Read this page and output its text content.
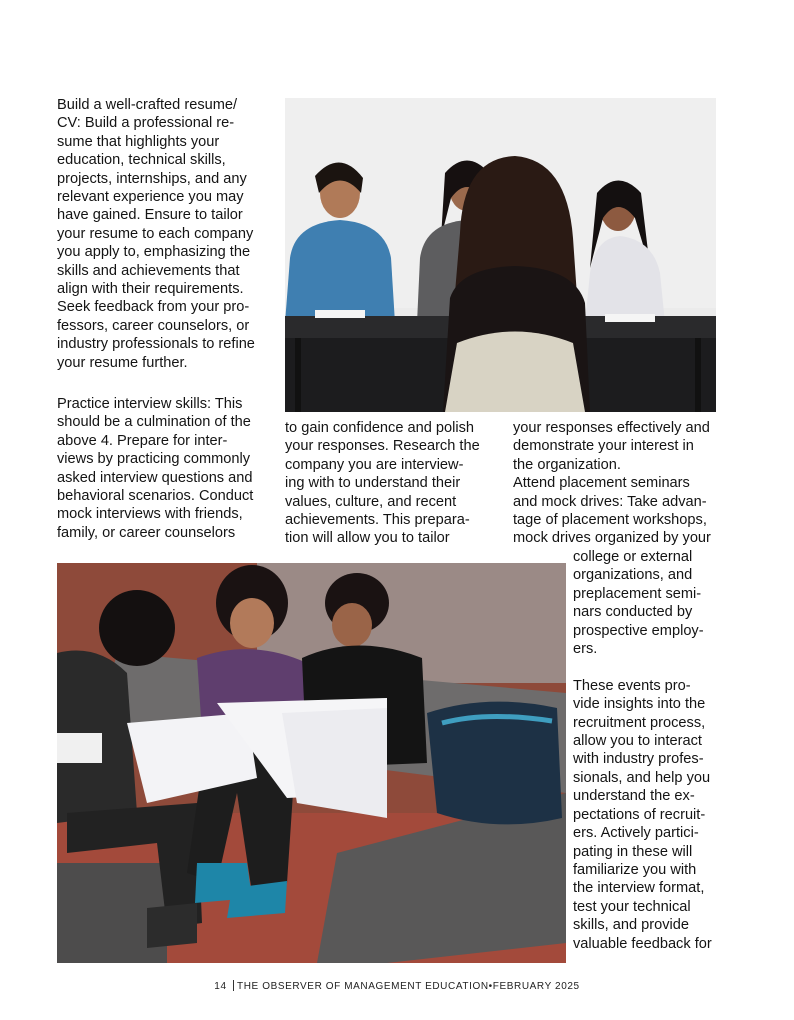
Build a well-crafted resume/
CV: Build a professional re-
sume that highlights your
education, technical skills,
projects, internships, and any
relevant experience you may
have gained. Ensure to tailor
your resume to each company
you apply to, emphasizing the
skills and achievements that
align with their requirements.
Seek feedback from your pro-
fessors, career counselors, or
industry professionals to refine
your resume further.
Practice interview skills: This
should be a culmination of the
above 4. Prepare for inter-
views by practicing commonly
asked interview questions and
behavioral scenarios. Conduct
mock interviews with friends,
family, or career counselors
to gain confidence and polish
your responses. Research the
company you are interview-
ing with to understand their
values, culture, and recent
achievements. This prepara-
tion will allow you to tailor
your responses effectively and
demonstrate your interest in
the organization.
Attend placement seminars
and mock drives: Take advan-
tage of placement workshops,
mock drives organized by your
college or external
organizations, and
preplacement semi-
nars conducted by
prospective employ-
ers.

These events pro-
vide insights into the
recruitment process,
allow you to interact
with industry profes-
sionals, and help you
understand the ex-
pectations of recruit-
ers. Actively partici-
pating in these will
familiarize you with
the interview format,
test your technical
skills, and provide
valuable feedback for
14 THE OBSERVER OF MANAGEMENT EDUCATION•FEBRUARY 2025
